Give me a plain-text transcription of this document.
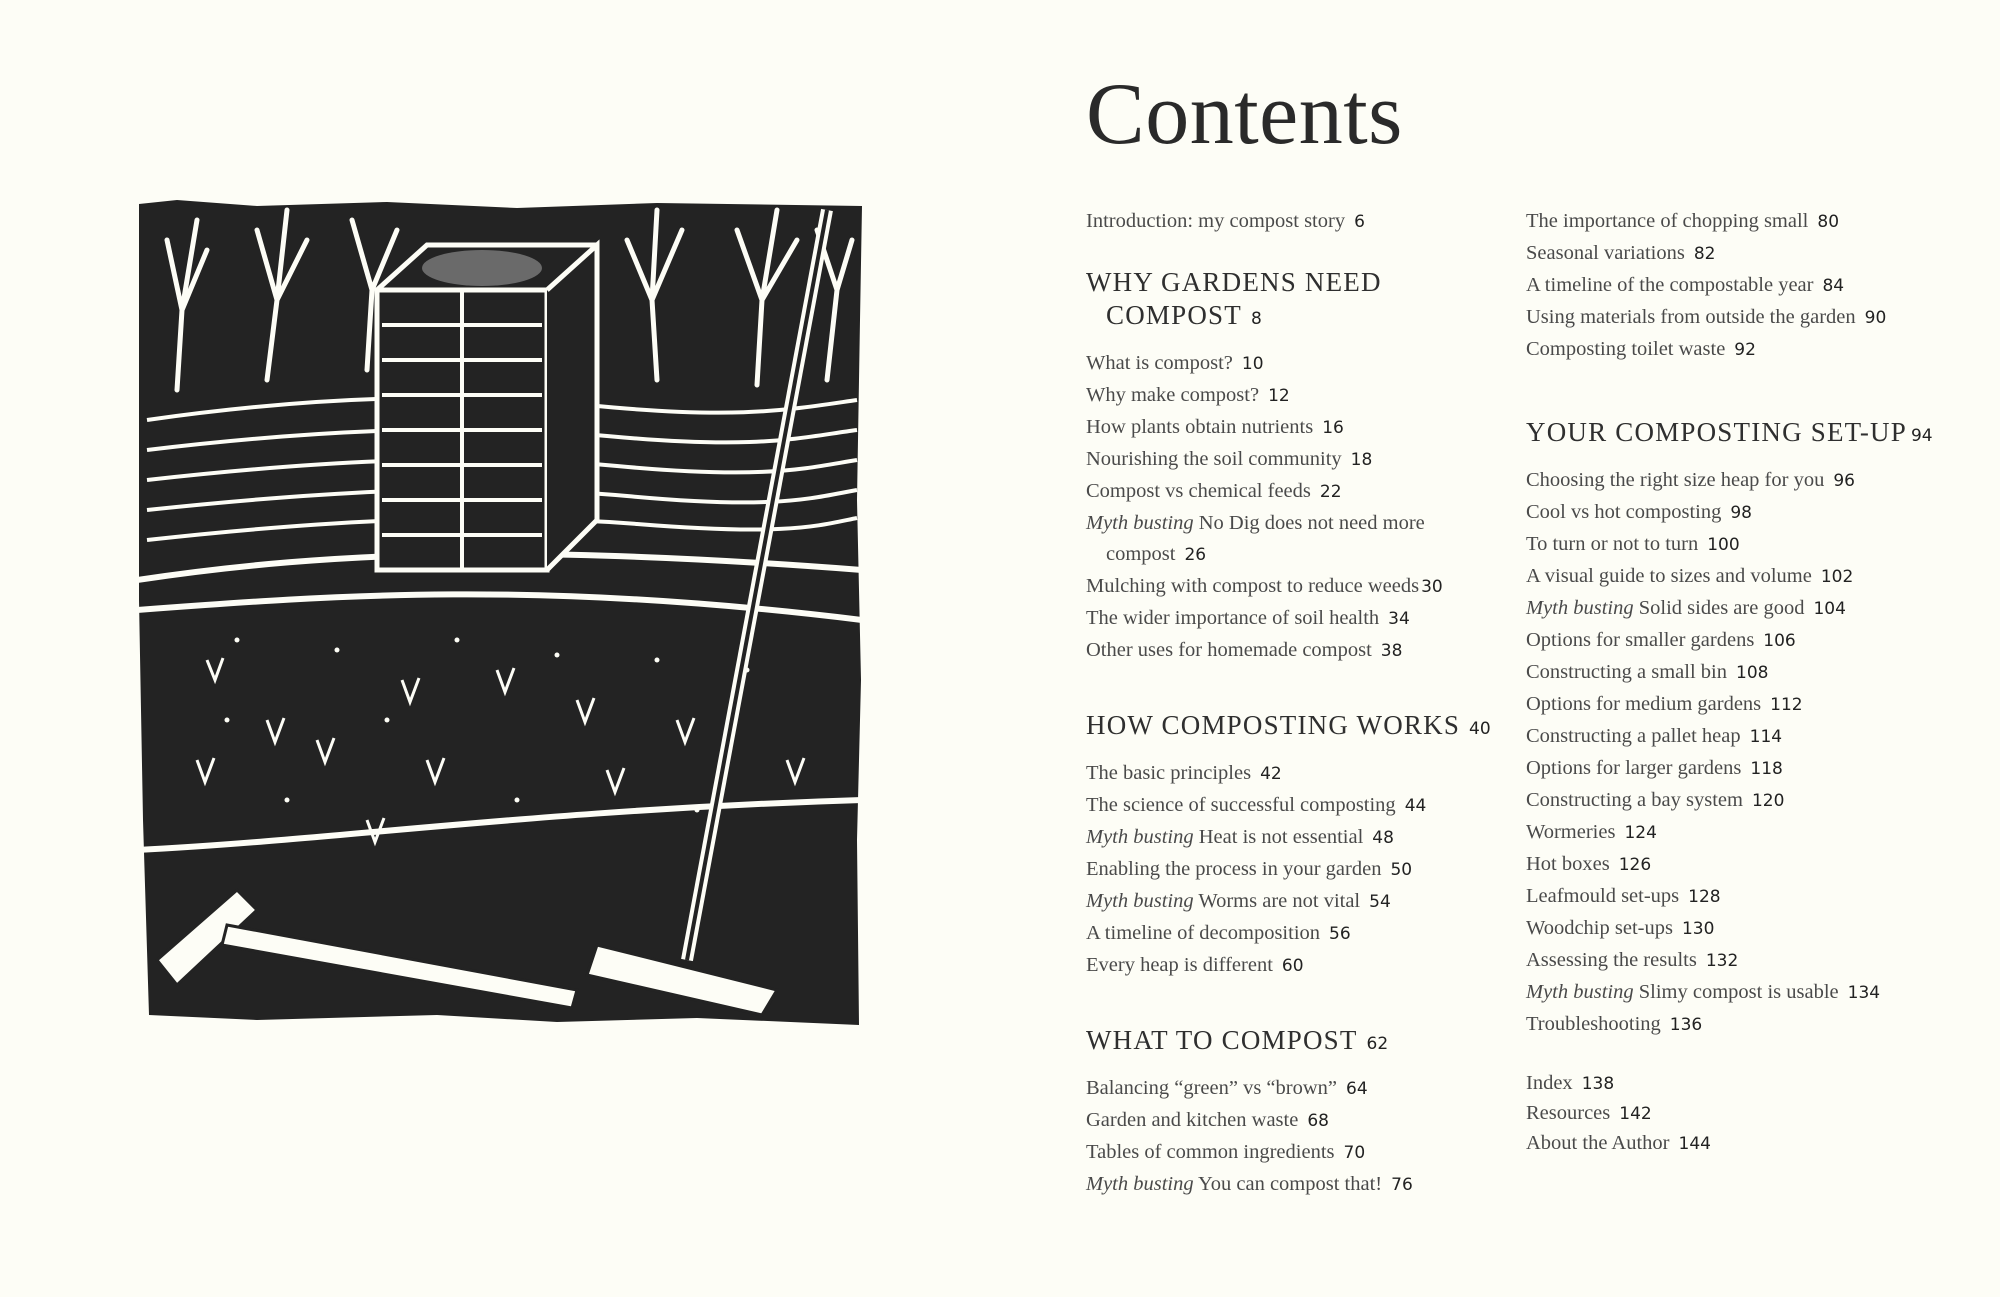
Contents
Introduction: my compost story 6
WHY GARDENS NEED COMPOST 8
What is compost? 10
Why make compost? 12
How plants obtain nutrients 16
Nourishing the soil community 18
Compost vs chemical feeds 22
Myth busting No Dig does not need more compost 26
Mulching with compost to reduce weeds 30
The wider importance of soil health 34
Other uses for homemade compost 38
HOW COMPOSTING WORKS 40
The basic principles 42
The science of successful composting 44
Myth busting Heat is not essential 48
Enabling the process in your garden 50
Myth busting Worms are not vital 54
A timeline of decomposition 56
Every heap is different 60
WHAT TO COMPOST 62
Balancing “green” vs “brown” 64
Garden and kitchen waste 68
Tables of common ingredients 70
Myth busting You can compost that! 76
The importance of chopping small 80
Seasonal variations 82
A timeline of the compostable year 84
Using materials from outside the garden 90
Composting toilet waste 92
YOUR COMPOSTING SET-UP 94
Choosing the right size heap for you 96
Cool vs hot composting 98
To turn or not to turn 100
A visual guide to sizes and volume 102
Myth busting Solid sides are good 104
Options for smaller gardens 106
Constructing a small bin 108
Options for medium gardens 112
Constructing a pallet heap 114
Options for larger gardens 118
Constructing a bay system 120
Wormeries 124
Hot boxes 126
Leafmould set-ups 128
Woodchip set-ups 130
Assessing the results 132
Myth busting Slimy compost is usable 134
Troubleshooting 136
Index 138
Resources 142
About the Author 144
